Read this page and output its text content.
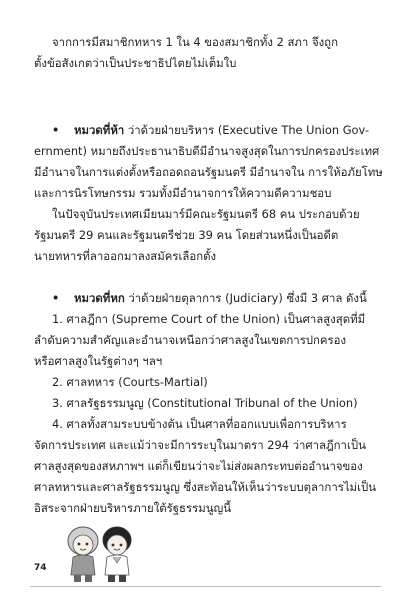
จากการมีสมาชิกทหาร 1 ใน 4 ของสมาชิกทั้ง 2 สภา จึงถูก

ตั้งข้อสังเกตว่าเป็นประชาธิปไตยไม่เต็มใบ

• หมวดที่ห้า ว่าด้วยฝ่ายบริหาร (Executive The Union Gov-

ernment) หมายถึงประธานาธิบดีมีอำนาจสูงสุดในการปกครองประเทศ

มีอำนาจในการแต่งตั้งหรือถอดถอนรัฐมนตรี มีอำนาจใน การให้อภัยโทษ

และการนิรโทษกรรม รวมทั้งมีอำนาจการให้ความดีความชอบ

ในปัจจุบันประเทศเมียนมาร์มีคณะรัฐมนตรี 68 คน ประกอบด้วย

รัฐมนตรี 29 คนและรัฐมนตรีช่วย 39 คน โดยส่วนหนึ่งเป็นอดีต

นายทหารที่ลาออกมาลงสมัครเลือกตั้ง

• หมวดที่หก ว่าด้วยฝ่ายตุลาการ (Judiciary) ซึ่งมี 3 ศาล ดังนี้

1. ศาลฎีกา (Supreme Court of the Union) เป็นศาลสูงสุดที่มี

ลำดับความสำคัญและอำนาจเหนือกว่าศาลสูงในเขตการปกครอง

หรือศาลสูงในรัฐต่างๆ ฯลฯ

2. ศาลทหาร (Courts-Martial)

3. ศาลรัฐธรรมนูญ (Constitutional Tribunal of the Union)

4. ศาลทั้งสามระบบข้างต้น เป็นศาลที่ออกแบบเพื่อการบริหาร

จัดการประเทศ และแม้ว่าจะมีการระบุในมาตรา 294 ว่าศาลฎีกาเป็น

ศาลสูงสุดของสหภาพฯ แต่ก็เขียนว่าจะไม่ส่งผลกระทบต่ออำนาจของ

ศาลทหารและศาลรัฐธรรมนูญ ซึ่งสะท้อนให้เห็นว่าระบบตุลาการไม่เป็น

อิสระจากฝ่ายบริหารภายใต้รัฐธรรมนูญนี้

74
